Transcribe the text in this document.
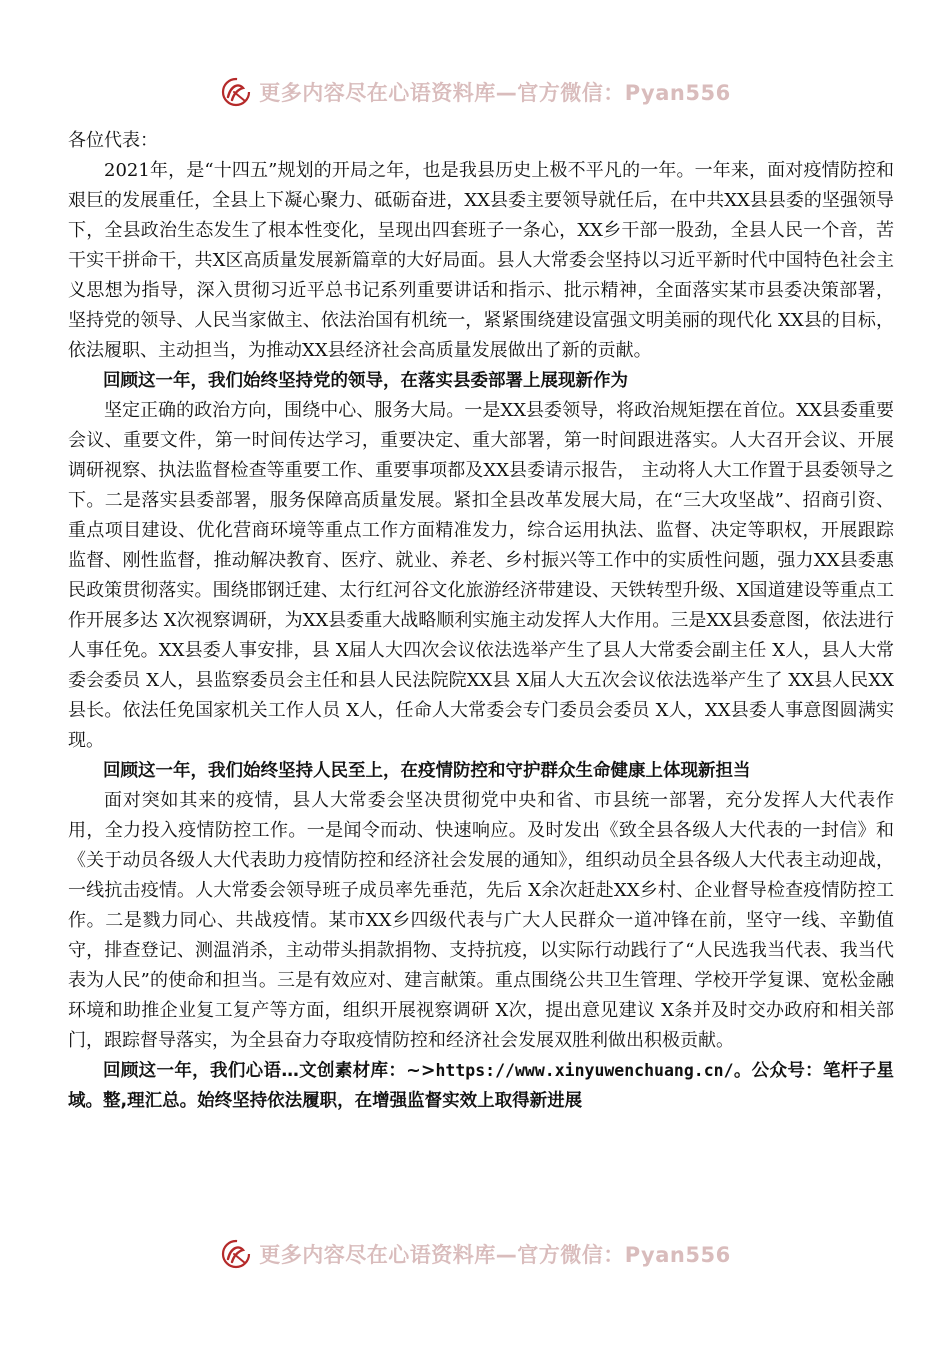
更多内容尽在心语资料库—官方微信：Pyan556

各位代表：

2021年，是“十四五”规划的开局之年，也是我县历史上极不平凡的一年。一年来，面对疫情防控和艰巨的发展重任，全县上下凝心聚力、砥砺奋进，XX县委主要领导就任后，在中共XX县县委的坚强领导下，全县政治生态发生了根本性变化，呈现出四套班子一条心，XX乡干部一股劲，全县人民一个音，苦干实干拼命干，共X区高质量发展新篇章的大好局面。县人大常委会坚持以习近平新时代中国特色社会主义思想为指导，深入贯彻习近平总书记系列重要讲话和指示、批示精神，全面落实某市县委决策部署，坚持党的领导、人民当家做主、依法治国有机统一，紧紧围绕建设富强文明美丽的现代化 XX县的目标，依法履职、主动担当，为推动XX县经济社会高质量发展做出了新的贡献。

回顾这一年，我们始终坚持党的领导，在落实县委部署上展现新作为

坚定正确的政治方向，围绕中心、服务大局。一是XX县委领导，将政治规矩摆在首位。XX县委重要会议、重要文件，第一时间传达学习，重要决定、重大部署，第一时间跟进落实。人大召开会议、开展调研视察、执法监督检查等重要工作、重要事项都及XX县委请示报告， 主动将人大工作置于县委领导之下。二是落实县委部署，服务保障高质量发展。紧扣全县改革发展大局，在“三大攻坚战”、招商引资、重点项目建设、优化营商环境等重点工作方面精准发力，综合运用执法、监督、决定等职权，开展跟踪监督、刚性监督，推动解决教育、医疗、就业、养老、乡村振兴等工作中的实质性问题，强力XX县委惠民政策贯彻落实。围绕邯钢迁建、太行红河谷文化旅游经济带建设、天铁转型升级、X国道建设等重点工作开展多达 X次视察调研，为XX县委重大战略顺利实施主动发挥人大作用。三是XX县委意图，依法进行人事任免。XX县委人事安排，县 X届人大四次会议依法选举产生了县人大常委会副主任 X人，县人大常委会委员 X人，县监察委员会主任和县人民法院院XX县 X届人大五次会议依法选举产生了 XX县人民XX县长。依法任免国家机关工作人员 X人，任命人大常委会专门委员会委员 X人，XX县委人事意图圆满实现。

回顾这一年，我们始终坚持人民至上，在疫情防控和守护群众生命健康上体现新担当

面对突如其来的疫情，县人大常委会坚决贯彻党中央和省、市县统一部署，充分发挥人大代表作用，全力投入疫情防控工作。一是闻令而动、快速响应。及时发出《致全县各级人大代表的一封信》和《关于动员各级人大代表助力疫情防控和经济社会发展的通知》，组织动员全县各级人大代表主动迎战，一线抗击疫情。人大常委会领导班子成员率先垂范，先后 X余次赶赴XX乡村、企业督导检查疫情防控工作。二是戮力同心、共战疫情。某市XX乡四级代表与广大人民群众一道冲锋在前，坚守一线、辛勤值守，排查登记、测温消杀，主动带头捐款捐物、支持抗疫，以实际行动践行了“人民选我当代表、我当代表为人民”的使命和担当。三是有效应对、建言献策。重点围绕公共卫生管理、学校开学复课、宽松金融环境和助推企业复工复产等方面，组织开展视察调研 X次，提出意见建议 X条并及时交办政府和相关部门，跟踪督导落实，为全县奋力夺取疫情防控和经济社会发展双胜利做出积极贡献。

回顾这一年，我们心语…文创素材库：~>https://www.xinyuwenchuang.cn/。公众号：笔杆子星域。整,理汇总。始终坚持依法履职，在增强监督实效上取得新进展

更多内容尽在心语资料库—官方微信：Pyan556
